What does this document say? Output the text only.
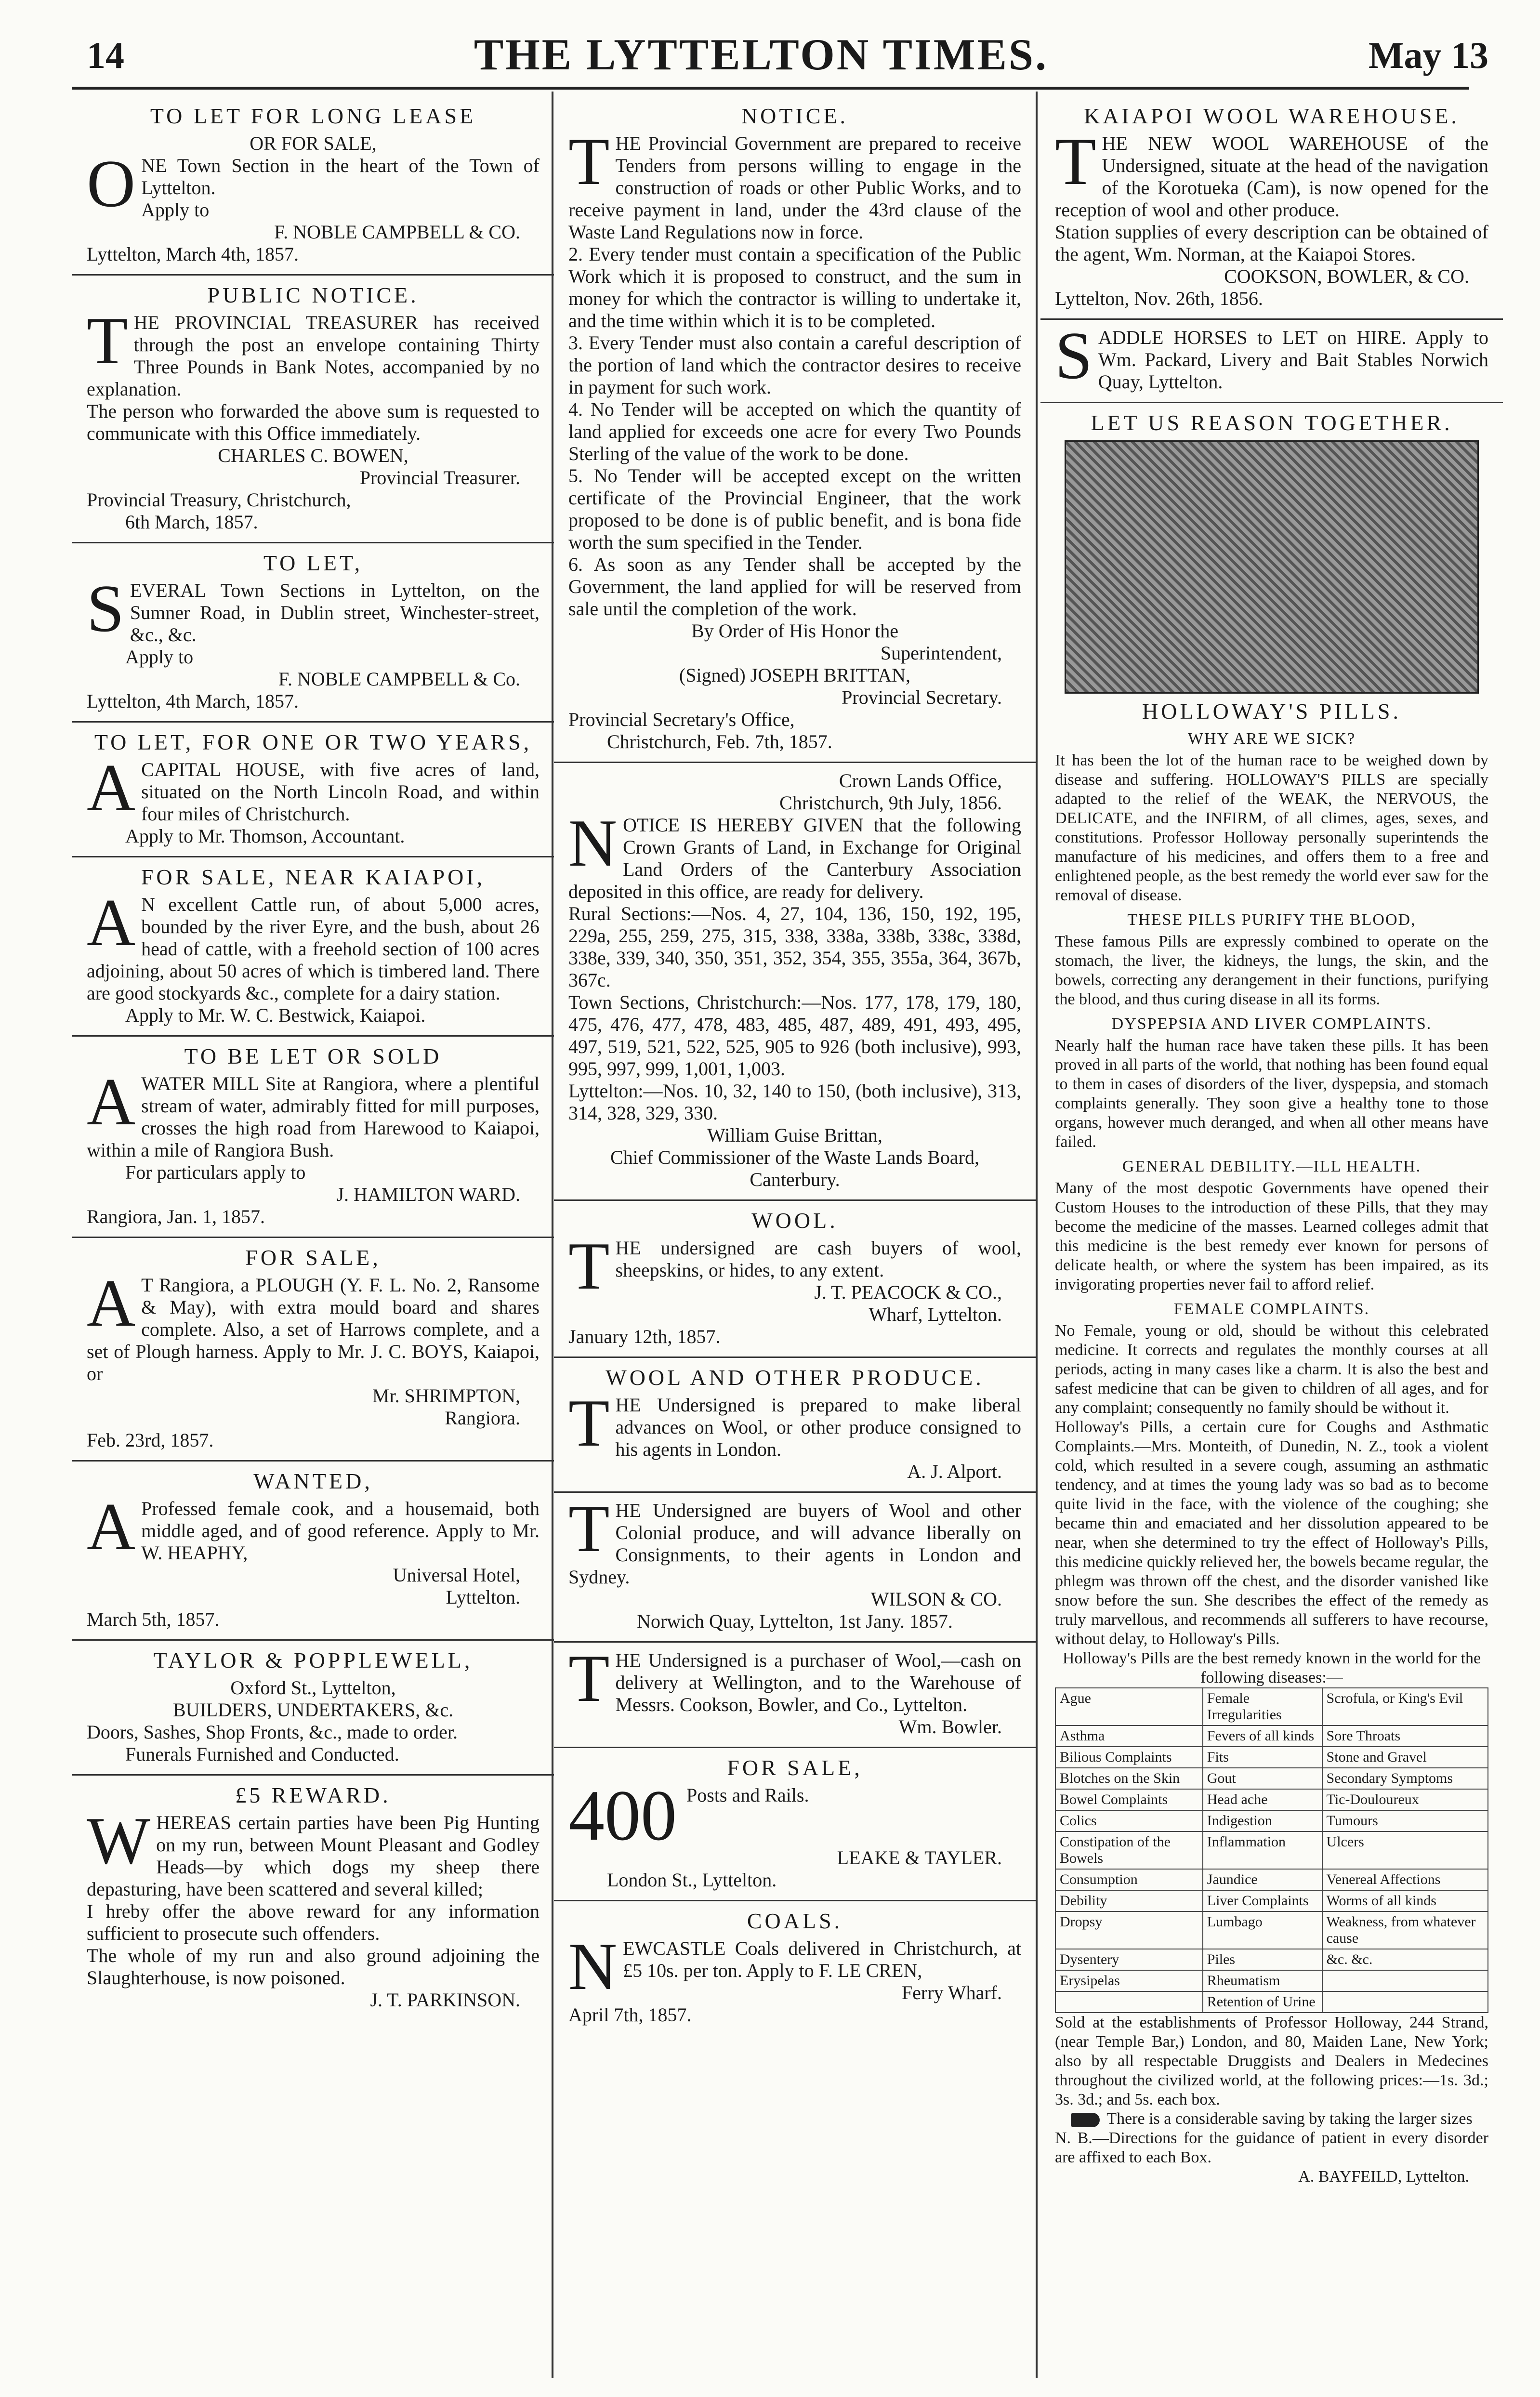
14	THE LYTTELTON TIMES.	May 13
TO LET FOR LONG LEASE

OR FOR SALE,

ONE Town Section in the heart of the Town of Lyttelton.

Apply to

F. NOBLE CAMPBELL & CO.

Lyttelton, March 4th, 1857.

PUBLIC NOTICE.

THE PROVINCIAL TREASURER has received through the post an envelope containing Thirty Three Pounds in Bank Notes, accompanied by no explanation.

The person who forwarded the above sum is requested to communicate with this Office immediately.

CHARLES C. BOWEN,

Provincial Treasurer.

Provincial Treasury, Christchurch,

6th March, 1857.

TO LET,

SEVERAL Town Sections in Lyttelton, on the Sumner Road, in Dublin street, Winchester-street, &c., &c.

Apply to

F. NOBLE CAMPBELL & Co.

Lyttelton, 4th March, 1857.

TO LET, FOR ONE OR TWO YEARS,

ACAPITAL HOUSE, with five acres of land, situated on the North Lincoln Road, and within four miles of Christchurch.

Apply to Mr. Thomson, Accountant.

FOR SALE, NEAR KAIAPOI,

A N excellent Cattle run, of about 5,000 acres, bounded by the river Eyre, and the bush, about 26 head of cattle, with a freehold section of 100 acres adjoining, about 50 acres of which is timbered land. There are good stockyards &c., complete for a dairy station.

Apply to Mr. W. C. Bestwick, Kaiapoi.

TO BE LET OR SOLD

AWATER MILL Site at Rangiora, where a plentiful stream of water, admirably fitted for mill purposes, crosses the high road from Harewood to Kaiapoi, within a mile of Rangiora Bush.

For particulars apply to

J. HAMILTON WARD.

Rangiora, Jan. 1, 1857.

FOR SALE,

A T Rangiora, a PLOUGH (Y. F. L. No. 2, Ransome & May), with extra mould board and shares complete. Also, a set of Harrows complete, and a set of Plough harness. Apply to Mr. J. C. BOYS, Kaiapoi, or

Mr. SHRIMPTON,

Rangiora.

Feb. 23rd, 1857.

WANTED,

A Professed female cook, and a housemaid, both middle aged, and of good reference. Apply to Mr. W. HEAPHY,

Universal Hotel,

Lyttelton.

March 5th, 1857.

TAYLOR & POPPLEWELL,

Oxford St., Lyttelton,

BUILDERS, UNDERTAKERS, &c.

Doors, Sashes, Shop Fronts, &c., made to order.

Funerals Furnished and Conducted.

£5 REWARD.

WHEREAS certain parties have been Pig Hunting on my run, between Mount Pleasant and Godley Heads—by which dogs my sheep there depasturing, have been scattered and several killed;

I hreby offer the above reward for any information sufficient to prosecute such offenders.

The whole of my run and also ground adjoining the Slaughterhouse, is now poisoned.

J. T. PARKINSON.

NOTICE.

THE Provincial Government are prepared to receive Tenders from persons willing to engage in the construction of roads or other Public Works, and to receive payment in land, under the 43rd clause of the Waste Land Regulations now in force.

2. Every tender must contain a specification of the Public Work which it is proposed to construct, and the sum in money for which the contractor is willing to undertake it, and the time within which it is to be completed.

3. Every Tender must also contain a careful description of the portion of land which the contractor desires to receive in payment for such work.

4. No Tender will be accepted on which the quantity of land applied for exceeds one acre for every Two Pounds Sterling of the value of the work to be done.

5. No Tender will be accepted except on the written certificate of the Provincial Engineer, that the work proposed to be done is of public benefit, and is bona fide worth the sum specified in the Tender.

6. As soon as any Tender shall be accepted by the Government, the land applied for will be reserved from sale until the completion of the work.

By Order of His Honor the

Superintendent,

(Signed) JOSEPH BRITTAN,

Provincial Secretary.

Provincial Secretary's Office,

Christchurch, Feb. 7th, 1857.

Crown Lands Office,

Christchurch, 9th July, 1856.

NOTICE IS HEREBY GIVEN that the following Crown Grants of Land, in Exchange for Original Land Orders of the Canterbury Association deposited in this office, are ready for delivery.

Rural Sections:—Nos. 4, 27, 104, 136, 150, 192, 195, 229a, 255, 259, 275, 315, 338, 338a, 338b, 338c, 338d, 338e, 339, 340, 350, 351, 352, 354, 355, 355a, 364, 367b, 367c.

Town Sections, Christchurch:—Nos. 177, 178, 179, 180, 475, 476, 477, 478, 483, 485, 487, 489, 491, 493, 495, 497, 519, 521, 522, 525, 905 to 926 (both inclusive), 993, 995, 997, 999, 1,001, 1,003.

Lyttelton:—Nos. 10, 32, 140 to 150, (both inclusive), 313, 314, 328, 329, 330.

William Guise Brittan,

Chief Commissioner of the Waste Lands Board, Canterbury.

WOOL.

THE undersigned are cash buyers of wool, sheepskins, or hides, to any extent.

J. T. PEACOCK & CO.,

Wharf, Lyttelton.

January 12th, 1857.

WOOL AND OTHER PRODUCE.

THE Undersigned is prepared to make liberal advances on Wool, or other produce consigned to his agents in London.

A. J. Alport.

THE Undersigned are buyers of Wool and other Colonial produce, and will advance liberally on Consignments, to their agents in London and Sydney.

WILSON & CO.

Norwich Quay, Lyttelton, 1st Jany. 1857.

THE Undersigned is a purchaser of Wool,—cash on delivery at Wellington, and to the Warehouse of Messrs. Cookson, Bowler, and Co., Lyttelton.

Wm. Bowler.

FOR SALE,

400 Posts and Rails.

LEAKE & TAYLER.

London St., Lyttelton.

COALS.

NEWCASTLE Coals delivered in Christchurch, at £5 10s. per ton. Apply to F. LE CREN,

Ferry Wharf.

April 7th, 1857.

KAIAPOI WOOL WAREHOUSE.

THE NEW WOOL WAREHOUSE of the Undersigned, situate at the head of the navigation of the Korotueka (Cam), is now opened for the reception of wool and other produce.

Station supplies of every description can be obtained of the agent, Wm. Norman, at the Kaiapoi Stores.

COOKSON, BOWLER, & CO.

Lyttelton, Nov. 26th, 1856.

SADDLE HORSES to LET on HIRE. Apply to Wm. Packard, Livery and Bait Stables Norwich Quay, Lyttelton.

LET US REASON TOGETHER.
HOLLOWAY'S PILLS.
WHY ARE WE SICK?

It has been the lot of the human race to be weighed down by disease and suffering. HOLLOWAY'S PILLS are specially adapted to the relief of the WEAK, the NERVOUS, the DELICATE, and the INFIRM, of all climes, ages, sexes, and constitutions. Professor Holloway personally superintends the manufacture of his medicines, and offers them to a free and enlightened people, as the best remedy the world ever saw for the removal of disease.

THESE PILLS PURIFY THE BLOOD,

These famous Pills are expressly combined to operate on the stomach, the liver, the kidneys, the lungs, the skin, and the bowels, correcting any derangement in their functions, purifying the blood, and thus curing disease in all its forms.

DYSPEPSIA AND LIVER COMPLAINTS.

Nearly half the human race have taken these pills. It has been proved in all parts of the world, that nothing has been found equal to them in cases of disorders of the liver, dyspepsia, and stomach complaints generally. They soon give a healthy tone to those organs, however much deranged, and when all other means have failed.

GENERAL DEBILITY.—ILL HEALTH.

Many of the most despotic Governments have opened their Custom Houses to the introduction of these Pills, that they may become the medicine of the masses. Learned colleges admit that this medicine is the best remedy ever known for persons of delicate health, or where the system has been impaired, as its invigorating properties never fail to afford relief.

FEMALE COMPLAINTS.

No Female, young or old, should be without this celebrated medicine. It corrects and regulates the monthly courses at all periods, acting in many cases like a charm. It is also the best and safest medicine that can be given to children of all ages, and for any complaint; consequently no family should be without it.

Holloway's Pills, a certain cure for Coughs and Asthmatic Complaints.—Mrs. Monteith, of Dunedin, N. Z., took a violent cold, which resulted in a severe cough, assuming an asthmatic tendency, and at times the young lady was so bad as to become quite livid in the face, with the violence of the coughing; she became thin and emaciated and her dissolution appeared to be near, when she determined to try the effect of Holloway's Pills, this medicine quickly relieved her, the bowels became regular, the phlegm was thrown off the chest, and the disorder vanished like snow before the sun. She describes the effect of the remedy as truly marvellous, and recommends all sufferers to have recourse, without delay, to Holloway's Pills.

Holloway's Pills are the best remedy known in the world for the following diseases:—

Ague	Female Irregularities	Scrofula, or King's Evil
Asthma	Fevers of all kinds	Sore Throats
Bilious Complaints	Fits	Stone and Gravel
Blotches on the Skin	Gout	Secondary Symptoms
Bowel Complaints	Head ache	Tic-Douloureux
Colics	Indigestion	Tumours
Constipation of the Bowels	Inflammation	Ulcers
Consumption	Jaundice	Venereal Affections
Debility	Liver Complaints	Worms of all kinds
Dropsy	Lumbago	Weakness, from whatever cause
Dysentery	Piles	&c. &c.
Erysipelas	Rheumatism	
	Retention of Urine	

Sold at the establishments of Professor Holloway, 244 Strand, (near Temple Bar,) London, and 80, Maiden Lane, New York; also by all respectable Druggists and Dealers in Medecines throughout the civilized world, at the following prices:—1s. 3d.; 3s. 3d.; and 5s. each box.

There is a considerable saving by taking the larger sizes

N. B.—Directions for the guidance of patient in every disorder are affixed to each Box.

A. BAYFEILD, Lyttelton.
